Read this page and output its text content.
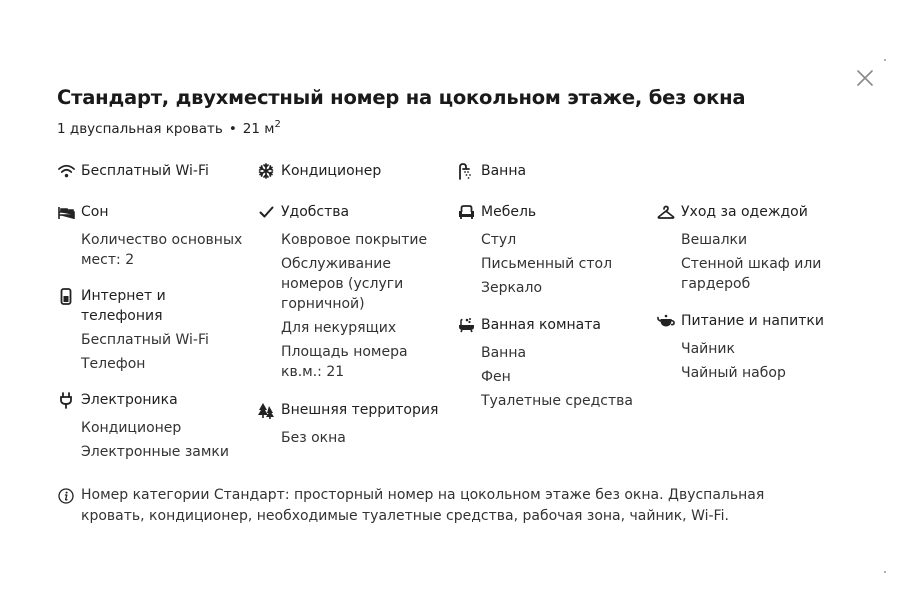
Стандарт, двухместный номер на цокольном этаже, без окна
1 двуспальная кровать • 21 $м^2$
Бесплатный Wi-Fi
Сон
Количество основных мест: 2
Интернет и телефония
Бесплатный Wi-Fi
Телефон
Электроника
Кондиционер
Электронные замки
Кондиционер
Удобства
Ковровое покрытие
Обслуживание номеров (услуги горничной)
Для некурящих
Площадь номера кв.м.: 21
Внешняя территория
Без окна
Ванна
Мебель
Стул
Письменный стол
Зеркало
Ванная комната
Ванна
Фен
Туалетные средства
Уход за одеждой
Вешалки
Стенной шкаф или гардероб
Питание и напитки
Чайник
Чайный набор
Номер категории Стандарт: просторный номер на цокольном этаже без окна. Двуспальная кровать, кондиционер, необходимые туалетные средства, рабочая зона, чайник, Wi-Fi.
